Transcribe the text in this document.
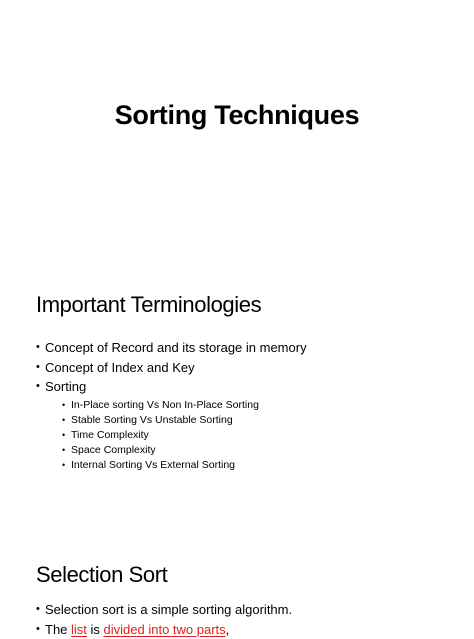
Sorting Techniques
Important Terminologies
• Concept of Record and its storage in memory
• Concept of Index and Key
• Sorting
• In-Place sorting Vs Non In-Place Sorting
• Stable Sorting Vs Unstable Sorting
• Time Complexity
• Space Complexity
• Internal Sorting Vs External Sorting
Selection Sort
• Selection sort is a simple sorting algorithm.
• The list is divided into two parts,
